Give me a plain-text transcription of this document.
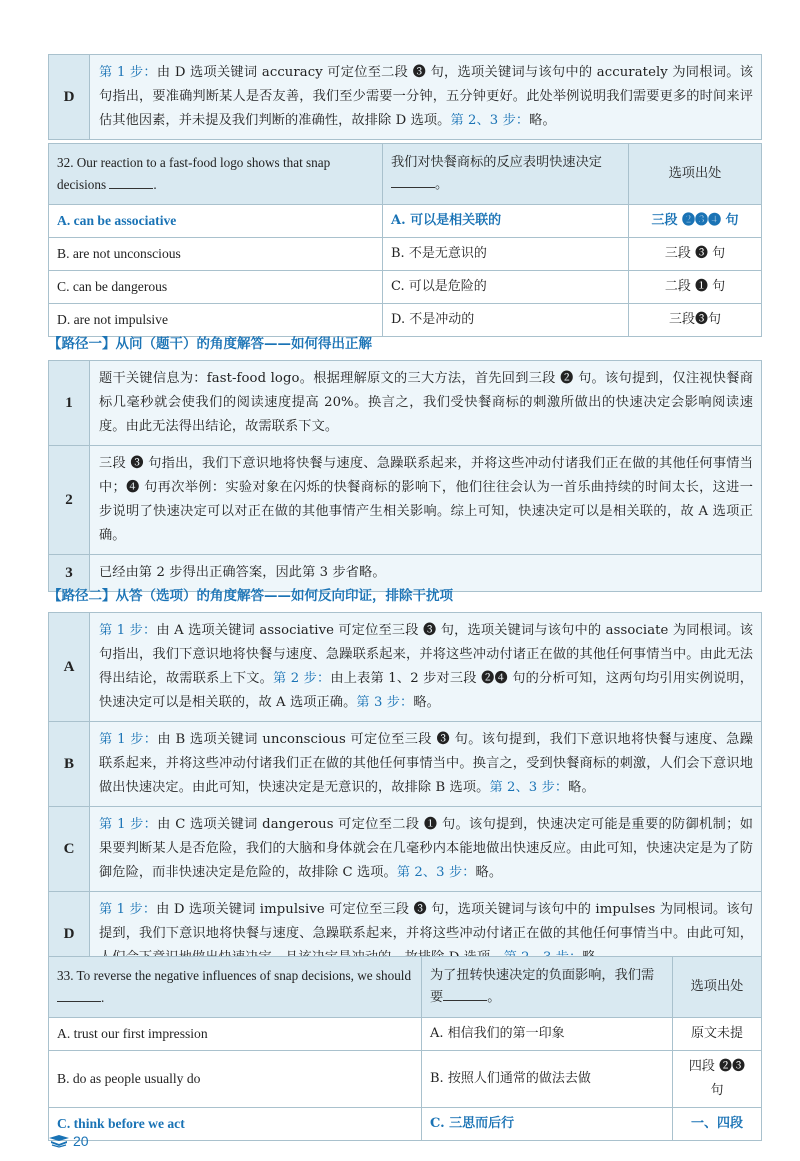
D	第 1 步：由 D 选项关键词 accuracy 可定位至二段 ❸ 句，选项关键词与该句中的 accurately 为同根词。该句指出，要准确判断某人是否友善，我们至少需要一分钟，五分钟更好。此处举例说明我们需要更多的时间来评估其他因素，并未提及我们判断的准确性，故排除 D 选项。第 2、3 步：略。
32. Our reaction to a fast-food logo shows that snap decisions .	我们对快餐商标的反应表明快速决定。	选项出处
A. can be associative	A. 可以是相关联的	三段 ❷❸❹ 句
B. are not unconscious	B. 不是无意识的	三段 ❸ 句
C. can be dangerous	C. 可以是危险的	二段 ❶ 句
D. are not impulsive	D. 不是冲动的	三段❸句
【路径一】从问（题干）的角度解答——如何得出正解
1	题干关键信息为：fast-food logo。根据理解原文的三大方法，首先回到三段 ❷ 句。该句提到，仅注视快餐商标几毫秒就会使我们的阅读速度提高 20%。换言之，我们受快餐商标的刺激所做出的快速决定会影响阅读速度。由此无法得出结论，故需联系下文。
2	三段 ❸ 句指出，我们下意识地将快餐与速度、急躁联系起来，并将这些冲动付诸我们正在做的其他任何事情当中；❹ 句再次举例：实验对象在闪烁的快餐商标的影响下，他们往往会认为一首乐曲持续的时间太长，这进一步说明了快速决定可以对正在做的其他事情产生相关影响。综上可知，快速决定可以是相关联的，故 A 选项正确。
3	已经由第 2 步得出正确答案，因此第 3 步省略。
【路径二】从答（选项）的角度解答——如何反向印证，排除干扰项
A	第 1 步：由 A 选项关键词 associative 可定位至三段 ❸ 句，选项关键词与该句中的 associate 为同根词。该句指出，我们下意识地将快餐与速度、急躁联系起来，并将这些冲动付诸正在做的其他任何事情当中。由此无法得出结论，故需联系上下文。第 2 步：由上表第 1、2 步对三段 ❷❹ 句的分析可知，这两句均引用实例说明，快速决定可以是相关联的，故 A 选项正确。第 3 步：略。
B	第 1 步：由 B 选项关键词 unconscious 可定位至三段 ❸ 句。该句提到，我们下意识地将快餐与速度、急躁联系起来，并将这些冲动付诸我们正在做的其他任何事情当中。换言之，受到快餐商标的刺激，人们会下意识地做出快速决定。由此可知，快速决定是无意识的，故排除 B 选项。第 2、3 步：略。
C	第 1 步：由 C 选项关键词 dangerous 可定位至二段 ❶ 句。该句提到，快速决定可能是重要的防御机制；如果要判断某人是否危险，我们的大脑和身体就会在几毫秒内本能地做出快速反应。由此可知，快速决定是为了防御危险，而非快速决定是危险的，故排除 C 选项。第 2、3 步：略。
D	第 1 步：由 D 选项关键词 impulsive 可定位至三段 ❸ 句，选项关键词与该句中的 impulses 为同根词。该句提到，我们下意识地将快餐与速度、急躁联系起来，并将这些冲动付诸正在做的其他任何事情当中。由此可知，
33. To reverse the negative influences of snap decisions, we should .	为了扭转快速决定的负面影响，我们需要 。	选项出处
A. trust our first impression	A. 相信我们的第一印象	原文未提
B. do as people usually do	B. 按照人们通常的做法去做	四段 ❷❸ 句
C. think before we act	C. 三思而后行	一、四段
20
